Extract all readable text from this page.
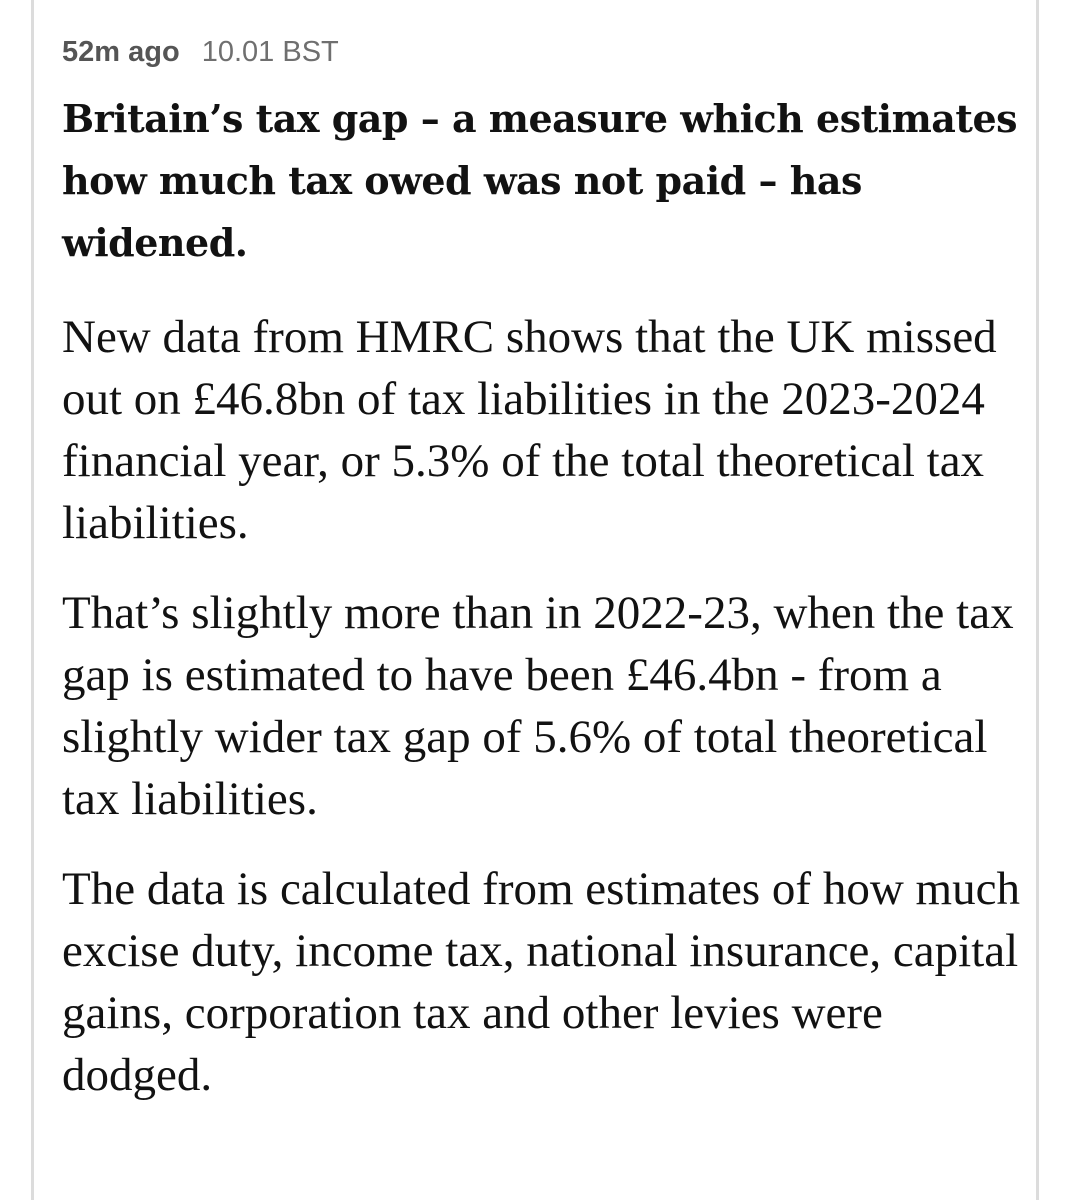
52m ago 10.01 BST
Britain’s tax gap – a measure which estimates how much tax owed was not paid – has widened.

New data from HMRC shows that the UK missed out on £46.8bn of tax liabilities in the 2023-2024 financial year, or 5.3% of the total theoretical tax liabilities.

That’s slightly more than in 2022-23, when the tax gap is estimated to have been £46.4bn - from a slightly wider tax gap of 5.6% of total theoretical tax liabilities.

The data is calculated from estimates of how much excise duty, income tax, national insurance, capital gains, corporation tax and other levies were dodged.
